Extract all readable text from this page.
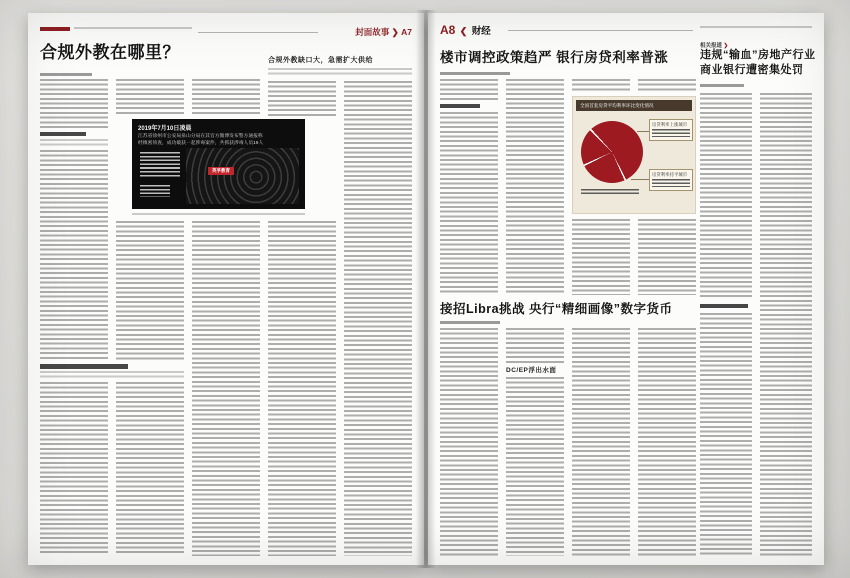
封面故事 ❯ A7
合规外教在哪里？	合规外教缺口大，急需扩大供给
2019年7月10日凌晨
江苏省徐州市公安局泉山分局在其官方微博发布警方通报称
经缜密侦查，成功破获一起涉毒案件，共抓获涉毒人员19人
英孚教育
A8 ❮ 财经
楼市调控政策趋严 银行房贷利率普涨
全国首套房贷平均利率环比变化情况
房贷利率上涨城市
房贷利率持平城市
接招Libra挑战 央行“精细画像”数字货币
DC/EP浮出水面
相关报道 ❯
违规“输血”房地产行业
商业银行遭密集处罚
